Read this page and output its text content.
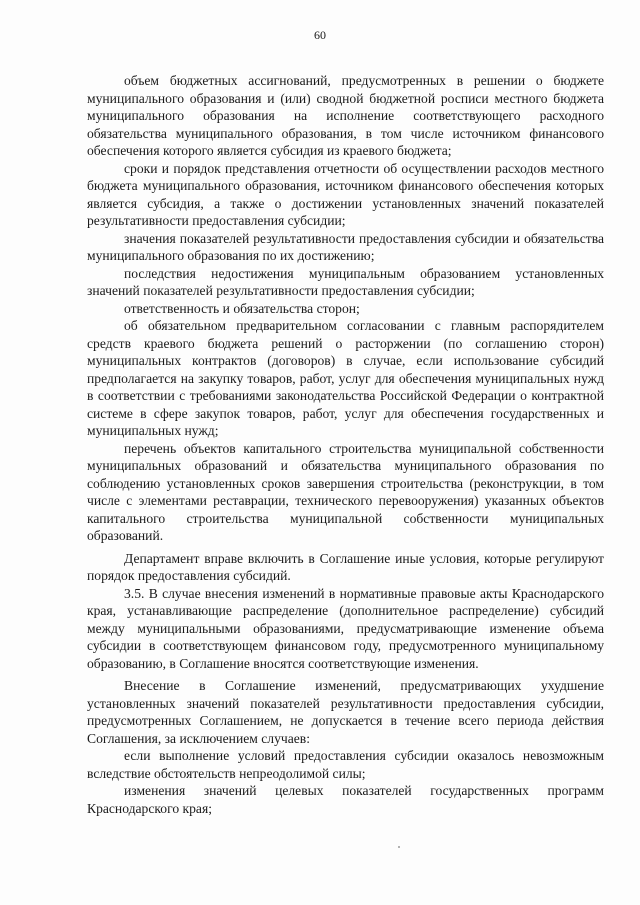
60

объем бюджетных ассигнований, предусмотренных в решении о бюджете муниципального образования и (или) сводной бюджетной росписи местного бюджета муниципального образования на исполнение соответствующего расходного обязательства муниципального образования, в том числе источником финансового обеспечения которого является субсидия из краевого бюджета;

сроки и порядок представления отчетности об осуществлении расходов местного бюджета муниципального образования, источником финансового обеспечения которых является субсидия, а также о достижении установленных значений показателей результативности предоставления субсидии;

значения показателей результативности предоставления субсидии и обязательства муниципального образования по их достижению;

последствия недостижения муниципальным образованием установленных значений показателей результативности предоставления субсидии;

ответственность и обязательства сторон;

об обязательном предварительном согласовании с главным распорядителем средств краевого бюджета решений о расторжении (по соглашению сторон) муниципальных контрактов (договоров) в случае, если использование субсидий предполагается на закупку товаров, работ, услуг для обеспечения муниципальных нужд в соответствии с требованиями законодательства Российской Федерации о контрактной системе в сфере закупок товаров, работ, услуг для обеспечения государственных и муниципальных нужд;

перечень объектов капитального строительства муниципальной собственности муниципальных образований и обязательства муниципального образования по соблюдению установленных сроков завершения строительства (реконструкции, в том числе с элементами реставрации, технического перевооружения) указанных объектов капитального строительства муниципальной собственности муниципальных образований.

Департамент вправе включить в Соглашение иные условия, которые регулируют порядок предоставления субсидий.

3.5. В случае внесения изменений в нормативные правовые акты Краснодарского края, устанавливающие распределение (дополнительное распределение) субсидий между муниципальными образованиями, предусматривающие изменение объема субсидии в соответствующем финансовом году, предусмотренного муниципальному образованию, в Соглашение вносятся соответствующие изменения.

Внесение в Соглашение изменений, предусматривающих ухудшение установленных значений показателей результативности предоставления субсидии, предусмотренных Соглашением, не допускается в течение всего периода действия Соглашения, за исключением случаев:

если выполнение условий предоставления субсидии оказалось невозможным вследствие обстоятельств непреодолимой силы;

изменения значений целевых показателей государственных программ Краснодарского края;
